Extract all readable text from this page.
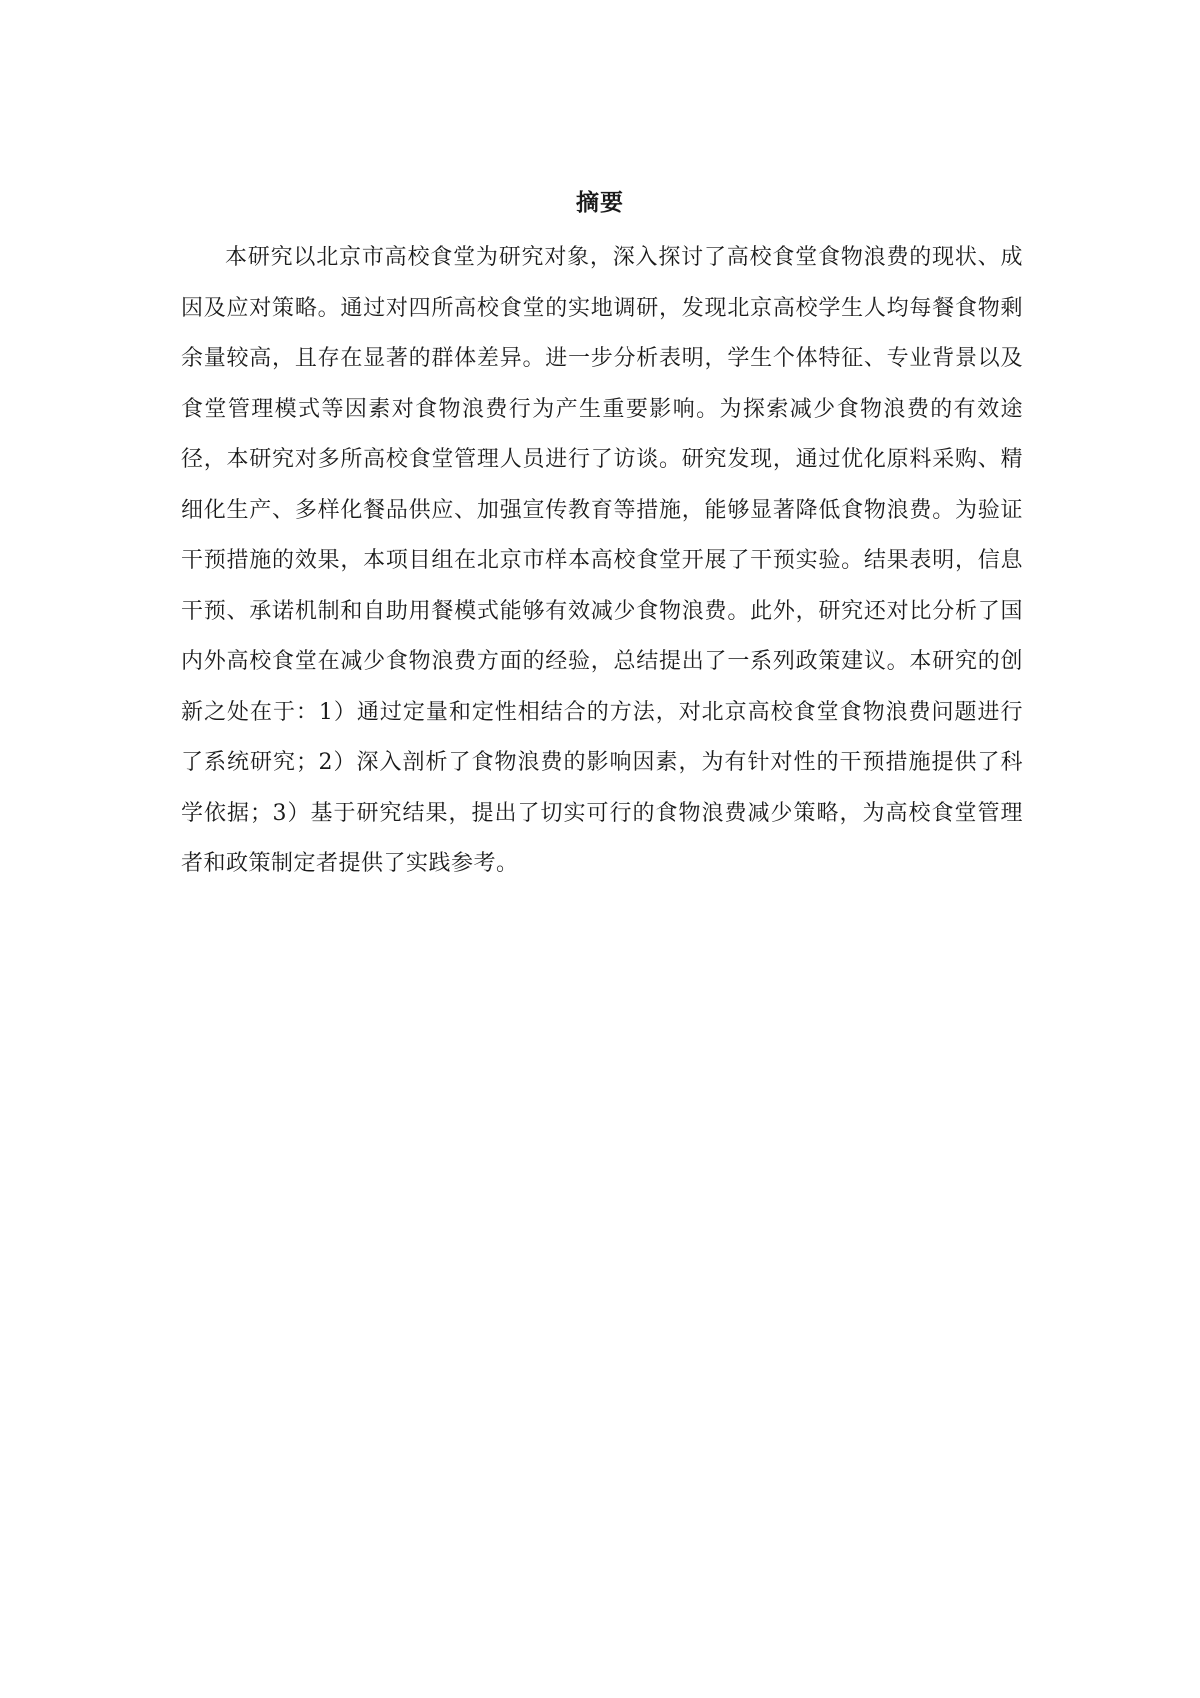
摘要

本研究以北京市高校食堂为研究对象，深入探讨了高校食堂食物浪费的现状、成因及应对策略。通过对四所高校食堂的实地调研，发现北京高校学生人均每餐食物剩余量较高，且存在显著的群体差异。进一步分析表明，学生个体特征、专业背景以及食堂管理模式等因素对食物浪费行为产生重要影响。为探索减少食物浪费的有效途径，本研究对多所高校食堂管理人员进行了访谈。研究发现，通过优化原料采购、精细化生产、多样化餐品供应、加强宣传教育等措施，能够显著降低食物浪费。为验证干预措施的效果，本项目组在北京市样本高校食堂开展了干预实验。结果表明，信息干预、承诺机制和自助用餐模式能够有效减少食物浪费。此外，研究还对比分析了国内外高校食堂在减少食物浪费方面的经验，总结提出了一系列政策建议。本研究的创新之处在于：1）通过定量和定性相结合的方法，对北京高校食堂食物浪费问题进行了系统研究；2）深入剖析了食物浪费的影响因素，为有针对性的干预措施提供了科学依据；3）基于研究结果，提出了切实可行的食物浪费减少策略，为高校食堂管理者和政策制定者提供了实践参考。
